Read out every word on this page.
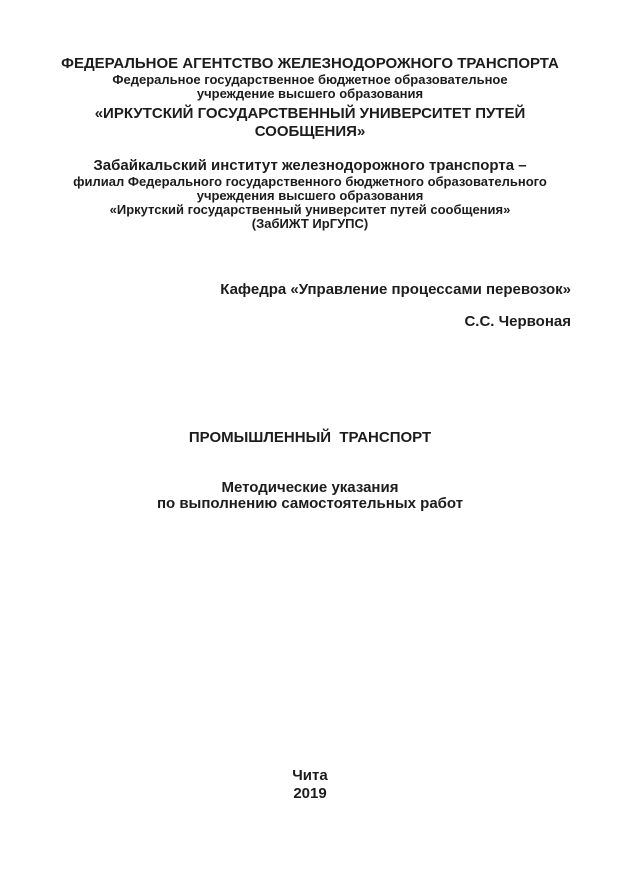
ФЕДЕРАЛЬНОЕ АГЕНТСТВО ЖЕЛЕЗНОДОРОЖНОГО ТРАНСПОРТА
Федеральное государственное бюджетное образовательное
учреждение высшего образования
«ИРКУТСКИЙ ГОСУДАРСТВЕННЫЙ УНИВЕРСИТЕТ ПУТЕЙ
СООБЩЕНИЯ»
Забайкальский институт железнодорожного транспорта –
филиал Федерального государственного бюджетного образовательного
учреждения высшего образования
«Иркутский государственный университет путей сообщения»
(ЗабИЖТ ИрГУПС)
Кафедра «Управление процессами перевозок»
С.С. Червоная
ПРОМЫШЛЕННЫЙ  ТРАНСПОРТ
Методические указания
по выполнению самостоятельных работ
Чита
2019
